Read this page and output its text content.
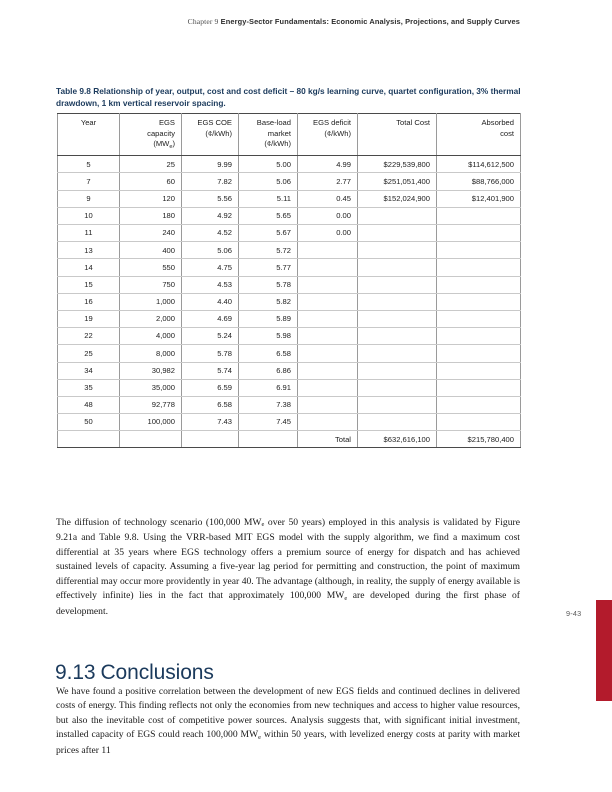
Chapter 9 Energy-Sector Fundamentals: Economic Analysis, Projections, and Supply Curves
Table 9.8 Relationship of year, output, cost and cost deficit – 80 kg/s learning curve, quartet configuration, 3% thermal drawdown, 1 km vertical reservoir spacing.
Year	EGS
capacity
$(MW_e)$	EGS COE
(¢/kWh)	Base-load
market
(¢/kWh)	EGS deficit
(¢/kWh)	Total Cost	Absorbed
cost
5	25	9.99	5.00	4.99	$229,539,800	$114,612,500
7	60	7.82	5.06	2.77	$251,051,400	$88,766,000
9	120	5.56	5.11	0.45	$152,024,900	$12,401,900
10	180	4.92	5.65	0.00		
11	240	4.52	5.67	0.00		
13	400	5.06	5.72			
14	550	4.75	5.77			
15	750	4.53	5.78			
16	1,000	4.40	5.82			
19	2,000	4.69	5.89			
22	4,000	5.24	5.98			
25	8,000	5.78	6.58			
34	30,982	5.74	6.86			
35	35,000	6.59	6.91			
48	92,778	6.58	7.38			
50	100,000	7.43	7.45			
				Total	$632,616,100	$215,780,400

The diffusion of technology scenario (100,000 MWe over 50 years) employed in this analysis is validated by Figure 9.21a and Table 9.8. Using the VRR-based MIT EGS model with the supply algorithm, we find a maximum cost differential at 35 years where EGS technology offers a premium source of energy for dispatch and has achieved sustained levels of capacity. Assuming a five-year lag period for permitting and construction, the point of maximum differential may occur more providently in year 40. The advantage (although, in reality, the supply of energy available is effectively infinite) lies in the fact that approximately 100,000 MWe are developed during the first phase of development.

9.13 Conclusions

We have found a positive correlation between the development of new EGS fields and continued declines in delivered costs of energy. This finding reflects not only the economies from new techniques and access to higher value resources, but also the inevitable cost of competitive power sources. Analysis suggests that, with significant initial investment, installed capacity of EGS could reach 100,000 MWe within 50 years, with levelized energy costs at parity with market prices after 11

9-43
